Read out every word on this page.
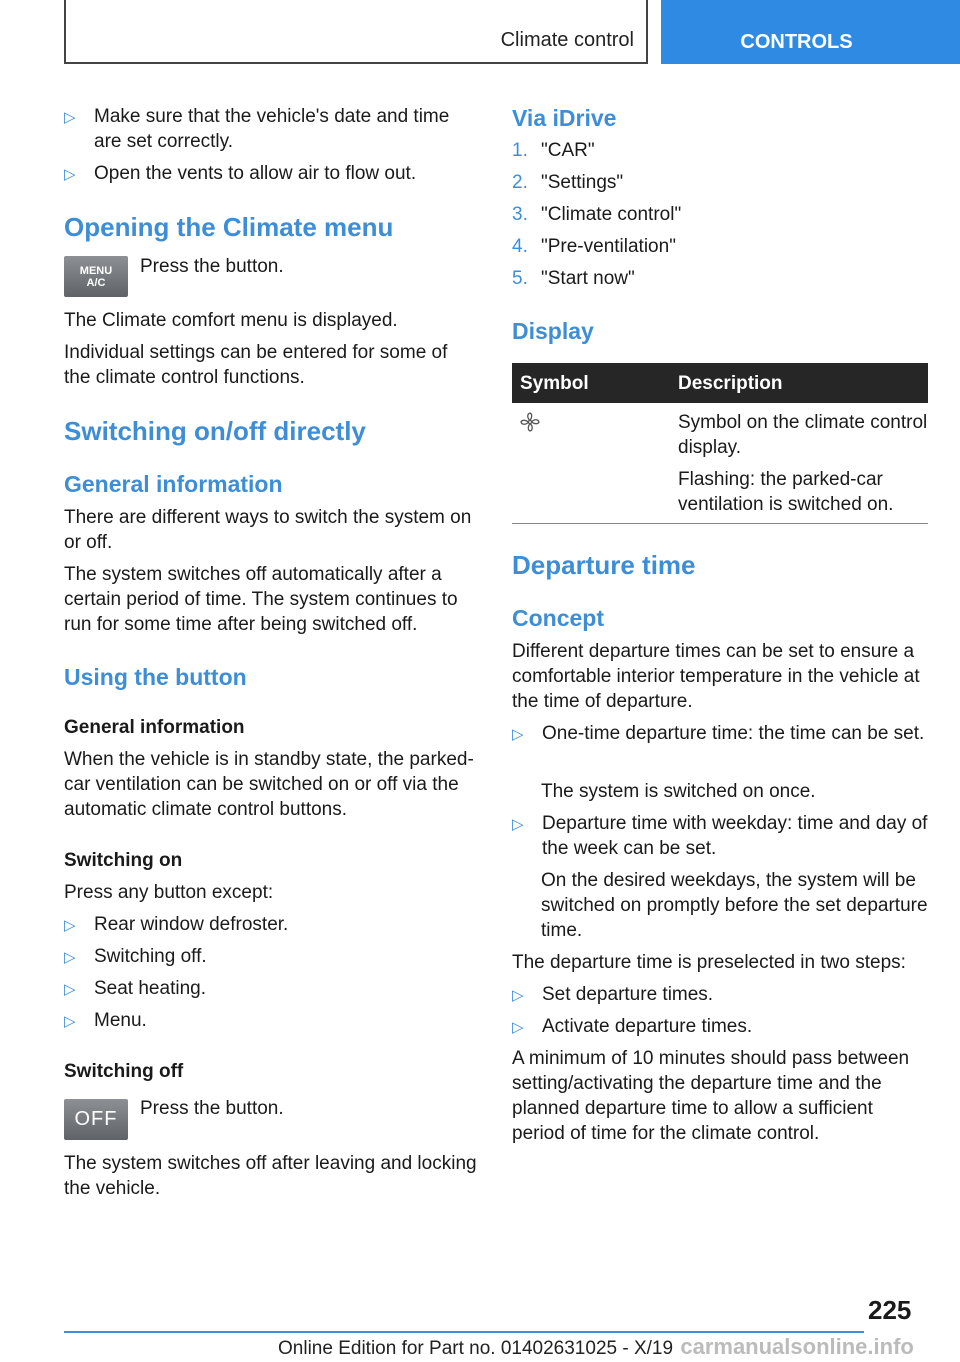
Climate control	CONTROLS
▷ Make sure that the vehicle's date and time are set correctly.
▷ Open the vents to allow air to flow out.
Opening the Climate menu
MENU
A/C
Press the button.
The Climate comfort menu is displayed.
Individual settings can be entered for some of the climate control functions.
Switching on/off directly
General information
There are different ways to switch the system on or off.
The system switches off automatically after a certain period of time. The system continues to run for some time after being switched off.
Using the button
General information
When the vehicle is in standby state, the parked-car ventilation can be switched on or off via the automatic climate control buttons.
Switching on
Press any button except:
▷ Rear window defroster.
▷ Switching off.
▷ Seat heating.
▷ Menu.
Switching off
OFF	Press the button.
The system switches off after leaving and locking the vehicle.
Via iDrive
1. "CAR"
2. "Settings"
3. "Climate control"
4. "Pre-ventilation"
5. "Start now"
Display
Symbol	Description
Symbol on the climate control display.
Flashing: the parked-car ventilation is switched on.
Departure time
Concept
Different departure times can be set to ensure a comfortable interior temperature in the vehicle at the time of departure.
▷ One-time departure time: the time can be set.
The system is switched on once.
▷ Departure time with weekday: time and day of the week can be set.
On the desired weekdays, the system will be switched on promptly before the set departure time.
The departure time is preselected in two steps:
▷ Set departure times.
▷ Activate departure times.
A minimum of 10 minutes should pass between setting/activating the departure time and the planned departure time to allow a sufficient period of time for the climate control.
225
Online Edition for Part no. 01402631025 - X/19 carmanualsonline.info
